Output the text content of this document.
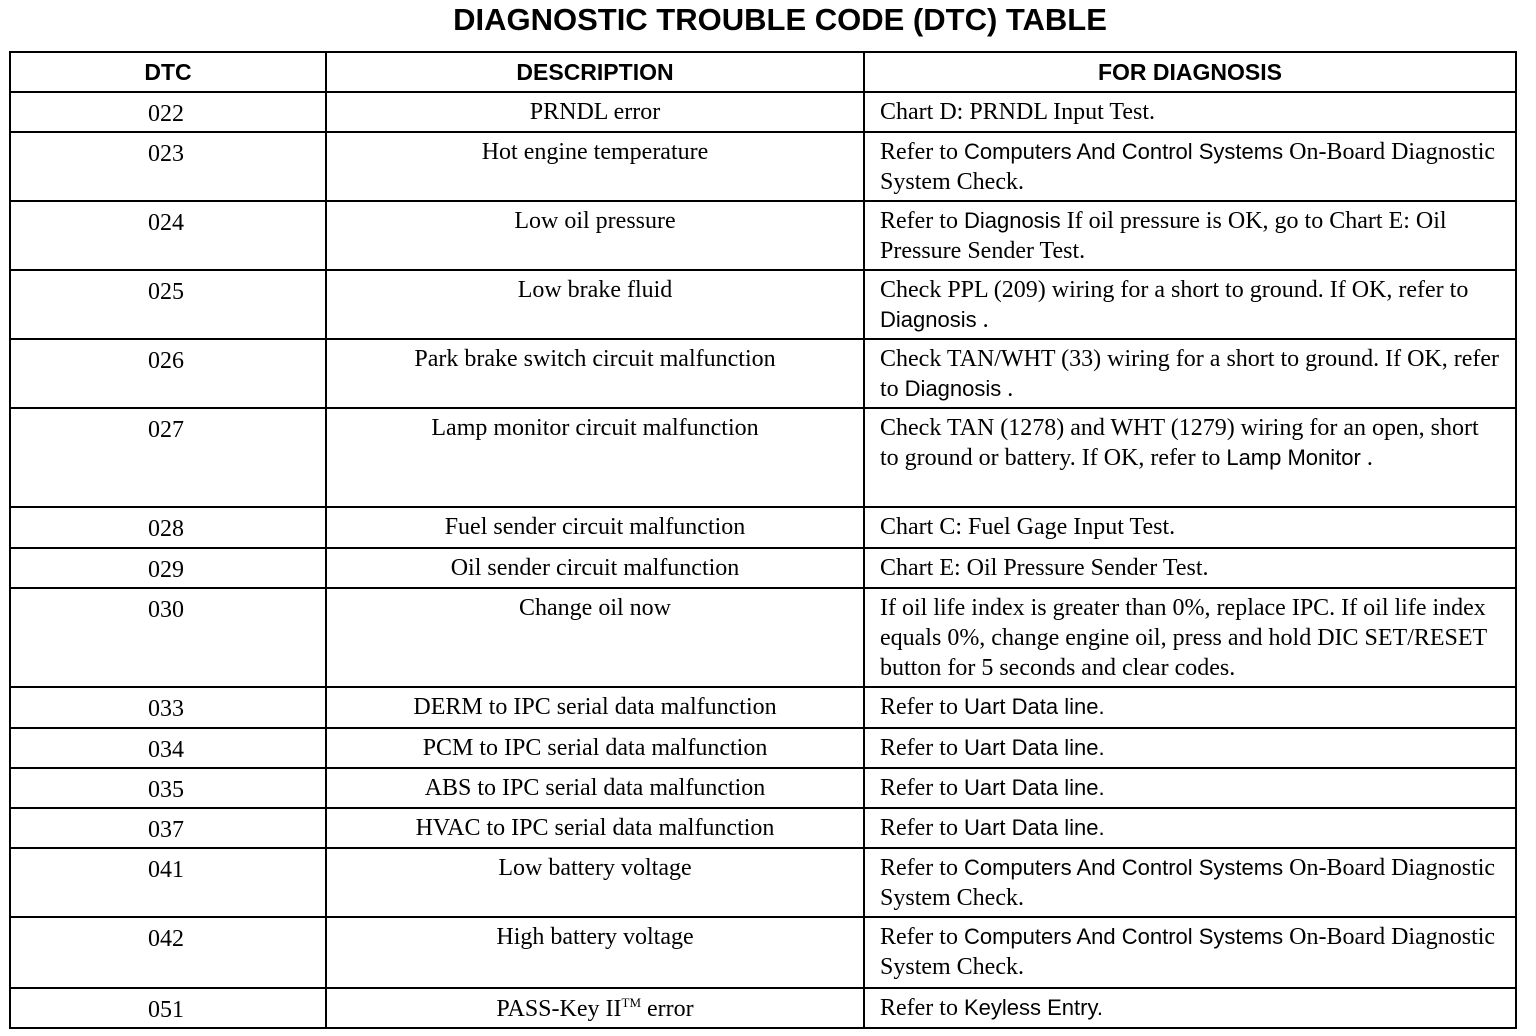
DIAGNOSTIC TROUBLE CODE (DTC) TABLE
DTC	DESCRIPTION	FOR DIAGNOSIS
022	PRNDL error	Chart D: PRNDL Input Test.
023	Hot engine temperature	Refer to Computers And Control Systems On-Board Diagnostic System Check.
024	Low oil pressure	Refer to Diagnosis If oil pressure is OK, go to Chart E: Oil Pressure Sender Test.
025	Low brake fluid	Check PPL (209) wiring for a short to ground. If OK, refer to Diagnosis .
026	Park brake switch circuit malfunction	Check TAN/WHT (33) wiring for a short to ground. If OK, refer to Diagnosis .
027	Lamp monitor circuit malfunction	Check TAN (1278) and WHT (1279) wiring for an open, short to ground or battery. If OK, refer to Lamp Monitor .
028	Fuel sender circuit malfunction	Chart C: Fuel Gage Input Test.
029	Oil sender circuit malfunction	Chart E: Oil Pressure Sender Test.
030	Change oil now	If oil life index is greater than 0%, replace IPC. If oil life index equals 0%, change engine oil, press and hold DIC SET/RESET button for 5 seconds and clear codes.
033	DERM to IPC serial data malfunction	Refer to Uart Data line.
034	PCM to IPC serial data malfunction	Refer to Uart Data line.
035	ABS to IPC serial data malfunction	Refer to Uart Data line.
037	HVAC to IPC serial data malfunction	Refer to Uart Data line.
041	Low battery voltage	Refer to Computers And Control Systems On-Board Diagnostic System Check.
042	High battery voltage	Refer to Computers And Control Systems On-Board Diagnostic System Check.
051	PASS-Key II™ error	Refer to Keyless Entry.
